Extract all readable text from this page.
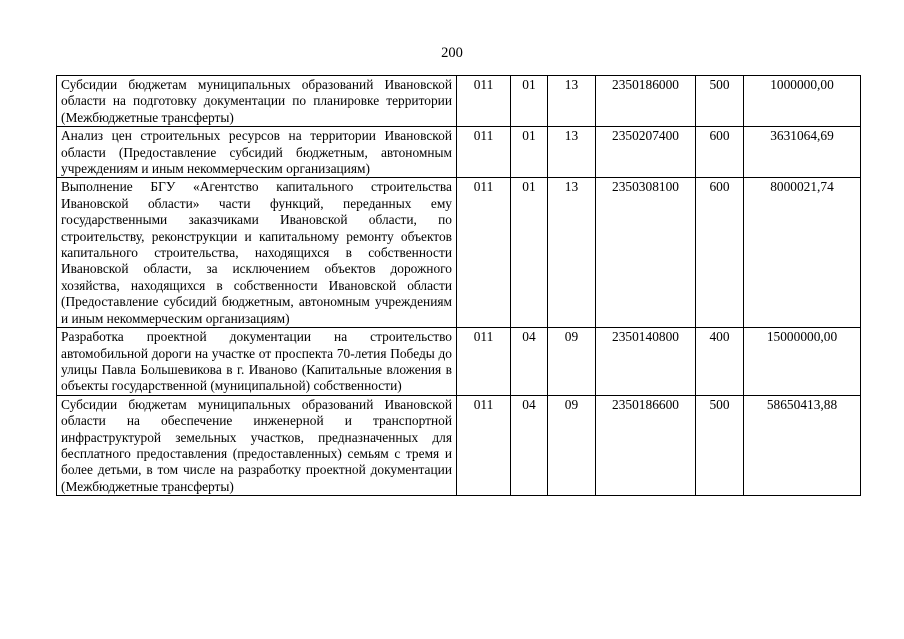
200
Субсидии бюджетам муниципальных образований Ивановской области на подготовку документации по планировке территории (Межбюджетные трансферты)	011	01	13	2350186000	500	1000000,00
Анализ цен строительных ресурсов на территории Ивановской области (Предоставление субсидий бюджетным, автономным учреждениям и иным некоммерческим организациям)	011	01	13	2350207400	600	3631064,69
Выполнение БГУ «Агентство капитального строительства Ивановской области» части функций, переданных ему государственными заказчиками Ивановской области, по строительству, реконструкции и капитальному ремонту объектов капитального строительства, находящихся в собственности Ивановской области, за исключением объектов дорожного хозяйства, находящихся в собственности Ивановской области (Предоставление субсидий бюджетным, автономным учреждениям и иным некоммерческим организациям)	011	01	13	2350308100	600	8000021,74
Разработка проектной документации на строительство автомобильной дороги на участке от проспекта 70-летия Победы до улицы Павла Большевикова в г. Иваново (Капитальные вложения в объекты государственной (муниципальной) собственности)	011	04	09	2350140800	400	15000000,00
Субсидии бюджетам муниципальных образований Ивановской области на обеспечение инженерной и транспортной инфраструктурой земельных участков, предназначенных для бесплатного предоставления (предоставленных) семьям с тремя и более детьми, в том числе на разработку проектной документации (Межбюджетные трансферты)	011	04	09	2350186600	500	58650413,88
